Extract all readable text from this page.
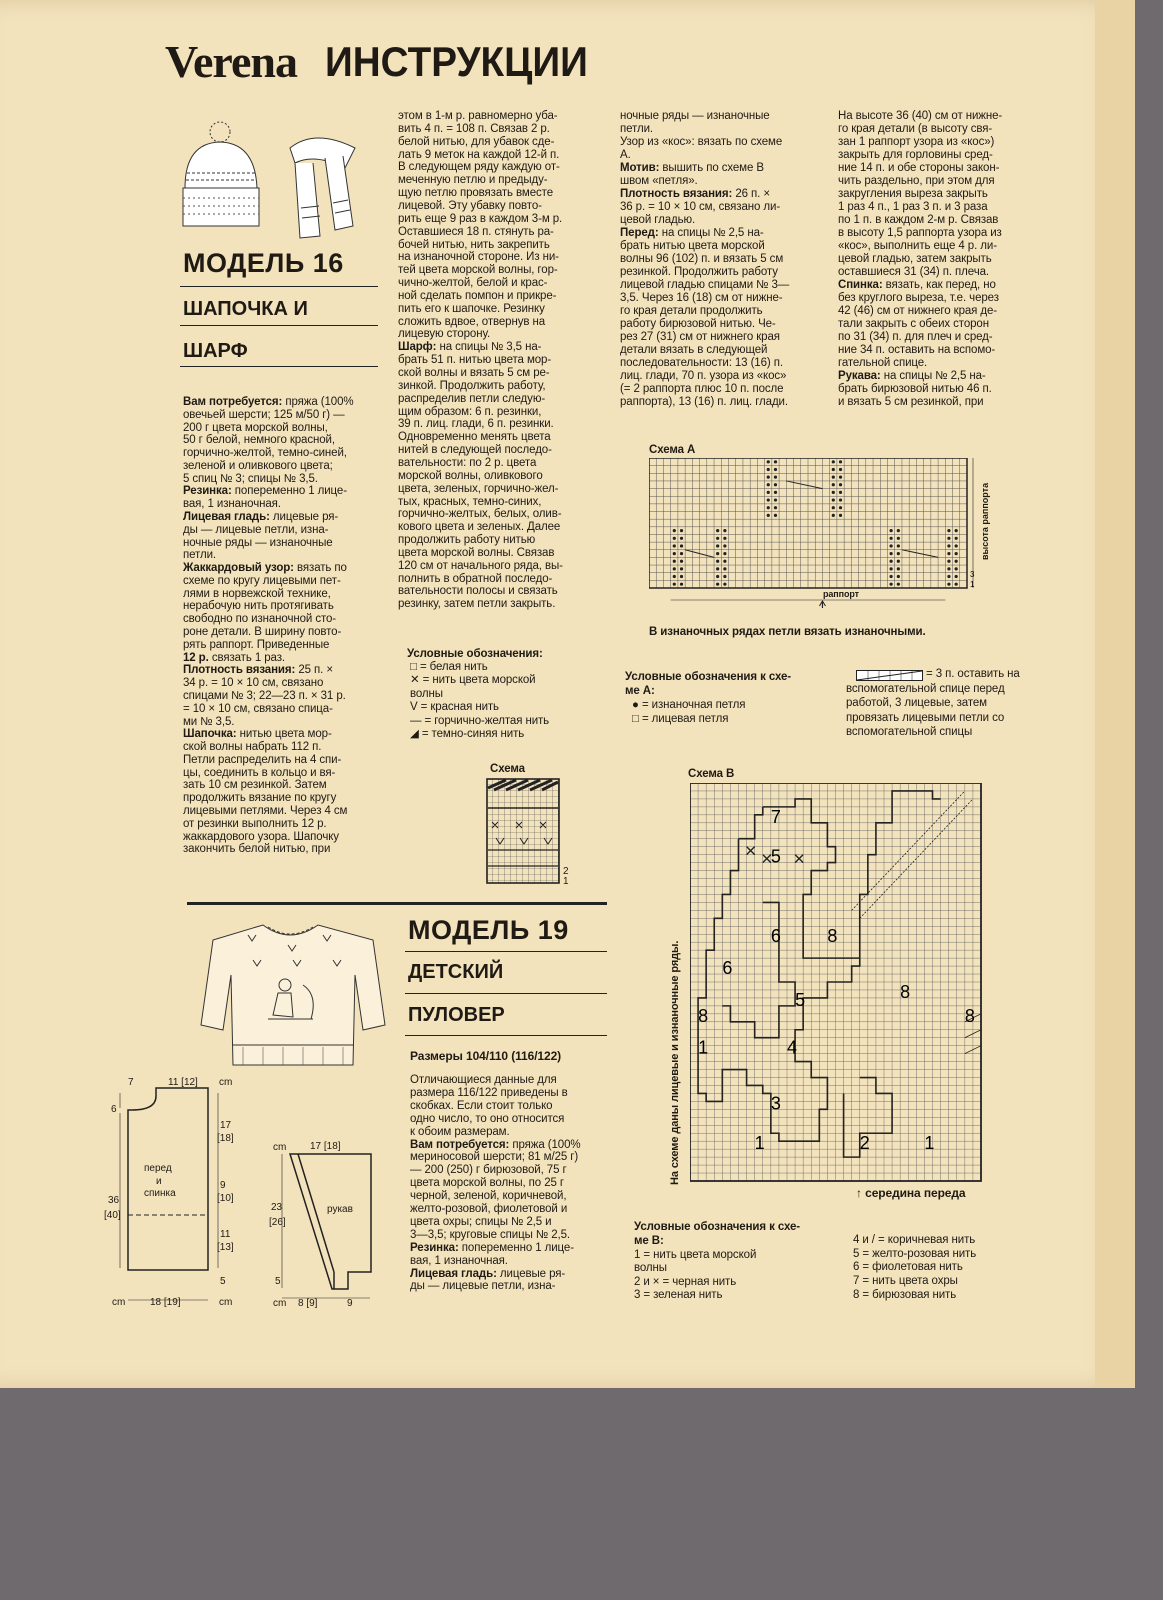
Verena ИНСТРУКЦИИ
МОДЕЛЬ 16
ШАПОЧКА И
ШАРФ
Вам потребуется: пряжа (100%
овечьей шерсти; 125 м/50 г) —
200 г цвета морской волны,
50 г белой, немного красной,
горчично-желтой, темно-синей,
зеленой и оливкового цвета;
5 спиц № 3; спицы № 3,5.
Резинка: попеременно 1 лице-
вая, 1 изнаночная.
Лицевая гладь: лицевые ря-
ды — лицевые петли, изна-
ночные ряды — изнаночные
петли.
Жаккардовый узор: вязать по
схеме по кругу лицевыми пет-
лями в норвежской технике,
нерабочую нить протягивать
свободно по изнаночной сто-
роне детали. В ширину повто-
рять раппорт. Приведенные
12 р. связать 1 раз.
Плотность вязания: 25 п. ×
34 р. = 10 × 10 см, связано
спицами № 3; 22—23 п. × 31 р.
= 10 × 10 см, связано спица-
ми № 3,5.
Шапочка: нитью цвета мор-
ской волны набрать 112 п.
Петли распределить на 4 спи-
цы, соединить в кольцо и вя-
зать 10 см резинкой. Затем
продолжить вязание по кругу
лицевыми петлями. Через 4 см
от резинки выполнить 12 р.
жаккардового узора. Шапочку
закончить белой нитью, при
этом в 1-м р. равномерно уба-
вить 4 п. = 108 п. Связав 2 р.
белой нитью, для убавок сде-
лать 9 меток на каждой 12-й п.
В следующем ряду каждую от-
меченную петлю и предыду-
щую петлю провязать вместе
лицевой. Эту убавку повто-
рить еще 9 раз в каждом 3-м р.
Оставшиеся 18 п. стянуть ра-
бочей нитью, нить закрепить
на изнаночной стороне. Из ни-
тей цвета морской волны, гор-
чично-желтой, белой и крас-
ной сделать помпон и прикре-
пить его к шапочке. Резинку
сложить вдвое, отвернув на
лицевую сторону.
Шарф: на спицы № 3,5 на-
брать 51 п. нитью цвета мор-
ской волны и вязать 5 см ре-
зинкой. Продолжить работу,
распределив петли следую-
щим образом: 6 п. резинки,
39 п. лиц. глади, 6 п. резинки.
Одновременно менять цвета
нитей в следующей последо-
вательности: по 2 р. цвета
морской волны, оливкового
цвета, зеленых, горчично-жел-
тых, красных, темно-синих,
горчично-желтых, белых, олив-
кового цвета и зеленых. Далее
продолжить работу нитью
цвета морской волны. Связав
120 см от начального ряда, вы-
полнить в обратной последо-
вательности полосы и связать
резинку, затем петли закрыть.
ночные ряды — изнаночные
петли.
Узор из «кос»: вязать по схеме
А.
Мотив: вышить по схеме В
швом «петля».
Плотность вязания: 26 п. ×
36 р. = 10 × 10 см, связано ли-
цевой гладью.
Перед: на спицы № 2,5 на-
брать нитью цвета морской
волны 96 (102) п. и вязать 5 см
резинкой. Продолжить работу
лицевой гладью спицами № 3—
3,5. Через 16 (18) см от нижне-
го края детали продолжить
работу бирюзовой нитью. Че-
рез 27 (31) см от нижнего края
детали вязать в следующей
последовательности: 13 (16) п.
лиц. глади, 70 п. узора из «кос»
(= 2 раппорта плюс 10 п. после
раппорта), 13 (16) п. лиц. глади.
На высоте 36 (40) см от нижне-
го края детали (в высоту свя-
зан 1 раппорт узора из «кос»)
закрыть для горловины сред-
ние 14 п. и обе стороны закон-
чить раздельно, при этом для
закругления выреза закрыть
1 раз 4 п., 1 раз 3 п. и 3 раза
по 1 п. в каждом 2-м р. Связав
в высоту 1,5 раппорта узора из
«кос», выполнить еще 4 р. ли-
цевой гладью, затем закрыть
оставшиеся 31 (34) п. плеча.
Спинка: вязать, как перед, но
без круглого выреза, т.е. через
42 (46) см от нижнего края де-
тали закрыть с обеих сторон
по 31 (34) п. для плеч и сред-
ние 34 п. оставить на вспомо-
гательной спице.
Рукава: на спицы № 2,5 на-
брать бирюзовой нитью 46 п.
и вязать 5 см резинкой, при
Условные обозначения:
□ = белая нить
✕ = нить цвета морской
волны
V = красная нить
— = горчично-желтая нить
◢ = темно-синяя нить
Схема
2
1
Схема А
3
1
раппорт
высота раппорта
В изнаночных рядах петли вязать изнаночными.
Условные обозначения к схе-
ме А:
● = изнаночная петля
□ = лицевая петля
= 3 п. оставить на
вспомогательной спице перед
работой, 3 лицевые, затем
провязать лицевыми петли со
вспомогательной спицы
Схема В
7
5
6	8
6
8
5
8	8
1	4
3
1	2	1
На схеме даны лицевые и изнаночные ряды.
↑ середина переда
Условные обозначения к схе-
ме В:
1 = нить цвета морской
волны
2 и × = черная нить
3 = зеленая нить
4 и / = коричневая нить
5 = желто-розовая нить
6 = фиолетовая нить
7 = нить цвета охры
8 = бирюзовая нить
МОДЕЛЬ 19
ДЕТСКИЙ
ПУЛОВЕР
Размеры 104/110 (116/122)
Отличающиеся данные для
размера 116/122 приведены в
скобках. Если стоит только
одно число, то оно относится
к обоим размерам.
Вам потребуется: пряжа (100%
мериносовой шерсти; 81 м/25 г)
— 200 (250) г бирюзовой, 75 г
цвета морской волны, по 25 г
черной, зеленой, коричневой,
желто-розовой, фиолетовой и
цвета охры; спицы № 2,5 и
3—3,5; круговые спицы № 2,5.
Резинка: попеременно 1 лице-
вая, 1 изнаночная.
Лицевая гладь: лицевые ря-
ды — лицевые петли, изна-
7	11 [12] cm
перед
и
спинка
6
36
[40]
17
[18]
9
[10]
11
[13]
5
cm 18 [19]	cm
cm 17 [18]
рукав
23
[26]
5
cm 8 [9]	9
